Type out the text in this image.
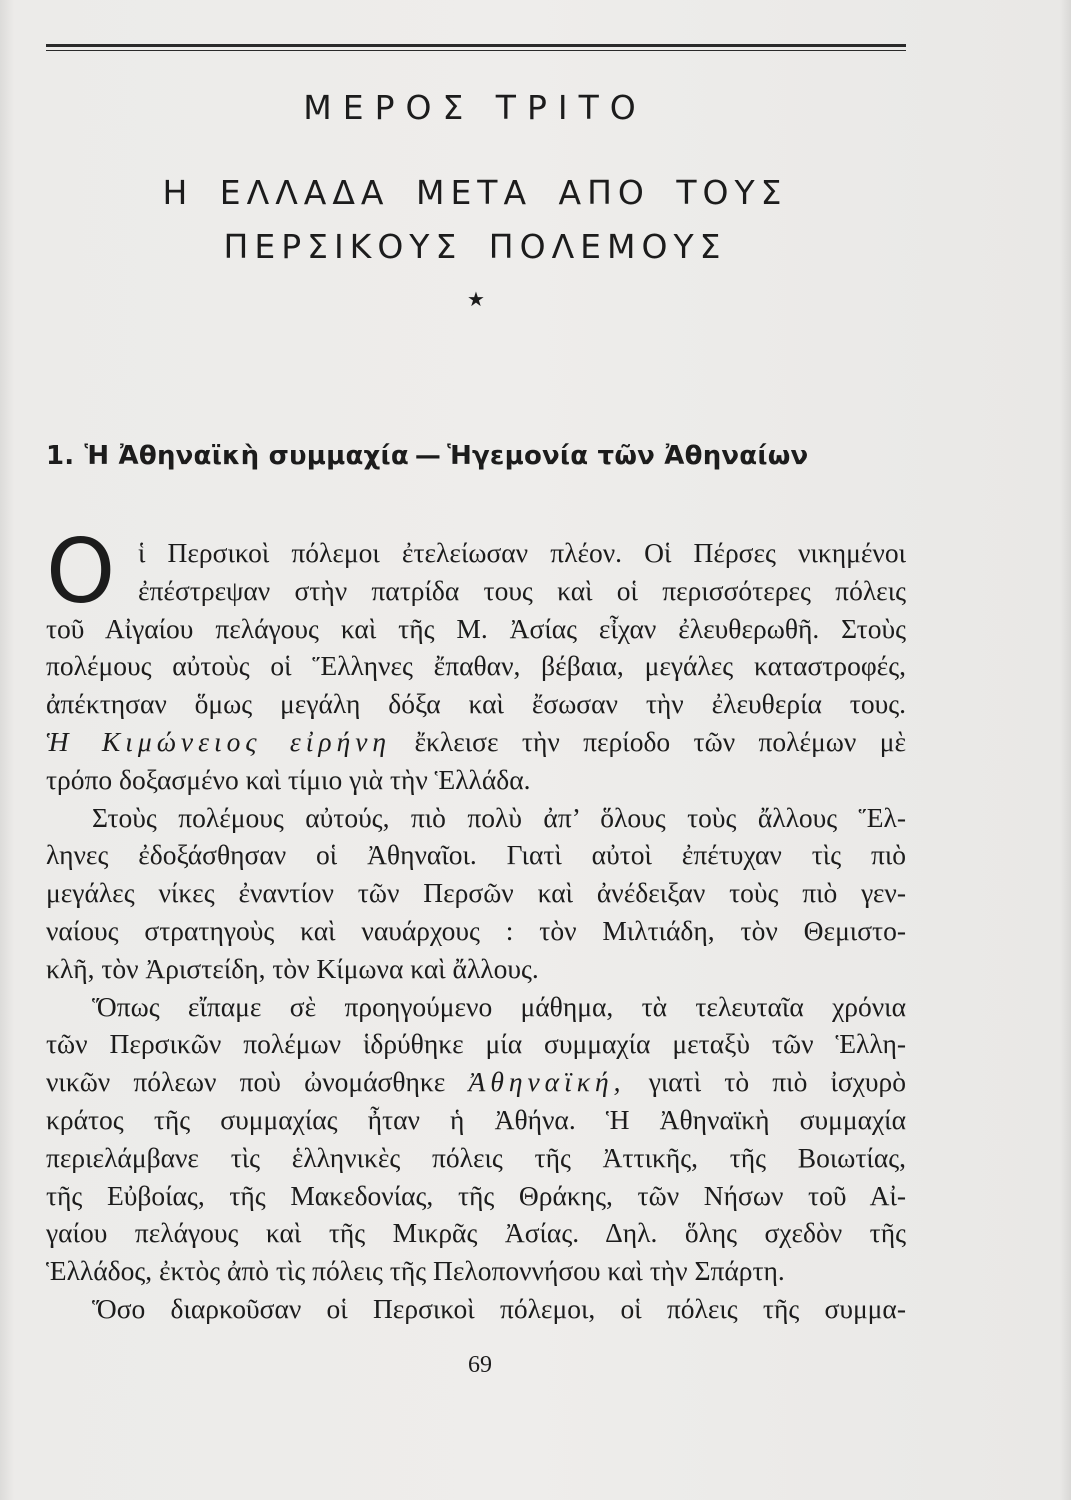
ΜΕΡΟΣ ΤΡΙΤΟ
Η ΕΛΛΑΔΑ ΜΕΤΑ ΑΠΟ ΤΟΥΣ
ΠΕΡΣΙΚΟΥΣ ΠΟΛΕΜΟΥΣ
★
1. Ἡ Ἀθηναϊκὴ συμμαχία — Ἡγεμονία τῶν Ἀθηναίων
Ο ἱ Περσικοὶ πόλεμοι ἐτελείωσαν πλέον. Οἱ Πέρσες νικημένοι
ἐπέστρεψαν στὴν πατρίδα τους καὶ οἱ περισσότερες πόλεις
τοῦ Αἰγαίου πελάγους καὶ τῆς Μ. Ἀσίας εἶχαν ἐλευθερωθῆ. Στοὺς
πολέμους αὐτοὺς οἱ Ἕλληνες ἔπαθαν, βέβαια, μεγάλες καταστροφές,
ἀπέκτησαν ὅμως μεγάλη δόξα καὶ ἔσωσαν τὴν ἐλευθερία τους.
Ἡ Κιμώνειος εἰρήνη ἔκλεισε τὴν περίοδο τῶν πολέμων μὲ
τρόπο δοξασμένο καὶ τίμιο γιὰ τὴν Ἑλλάδα.
Στοὺς πολέμους αὐτούς, πιὸ πολὺ ἀπ’ ὅλους τοὺς ἄλλους Ἕλ-
ληνες ἐδοξάσθησαν οἱ Ἀθηναῖοι. Γιατὶ αὐτοὶ ἐπέτυχαν τὶς πιὸ
μεγάλες νίκες ἐναντίον τῶν Περσῶν καὶ ἀνέδειξαν τοὺς πιὸ γεν-
ναίους στρατηγοὺς καὶ ναυάρχους : τὸν Μιλτιάδη, τὸν Θεμιστο-
κλῆ, τὸν Ἀριστείδη, τὸν Κίμωνα καὶ ἄλλους.
Ὅπως εἴπαμε σὲ προηγούμενο μάθημα, τὰ τελευταῖα χρόνια
τῶν Περσικῶν πολέμων ἱδρύθηκε μία συμμαχία μεταξὺ τῶν Ἑλλη-
νικῶν πόλεων ποὺ ὠνομάσθηκε Ἀθηναϊκή, γιατὶ τὸ πιὸ ἰσχυρὸ
κράτος τῆς συμμαχίας ἦταν ἡ Ἀθήνα. Ἡ Ἀθηναϊκὴ συμμαχία
περιελάμβανε τὶς ἑλληνικὲς πόλεις τῆς Ἀττικῆς, τῆς Βοιωτίας,
τῆς Εὐβοίας, τῆς Μακεδονίας, τῆς Θράκης, τῶν Νήσων τοῦ Αἰ-
γαίου πελάγους καὶ τῆς Μικρᾶς Ἀσίας. Δηλ. ὅλης σχεδὸν τῆς
Ἑλλάδος, ἐκτὸς ἀπὸ τὶς πόλεις τῆς Πελοποννήσου καὶ τὴν Σπάρτη.
Ὅσο διαρκοῦσαν οἱ Περσικοὶ πόλεμοι, οἱ πόλεις τῆς συμμα-
69
